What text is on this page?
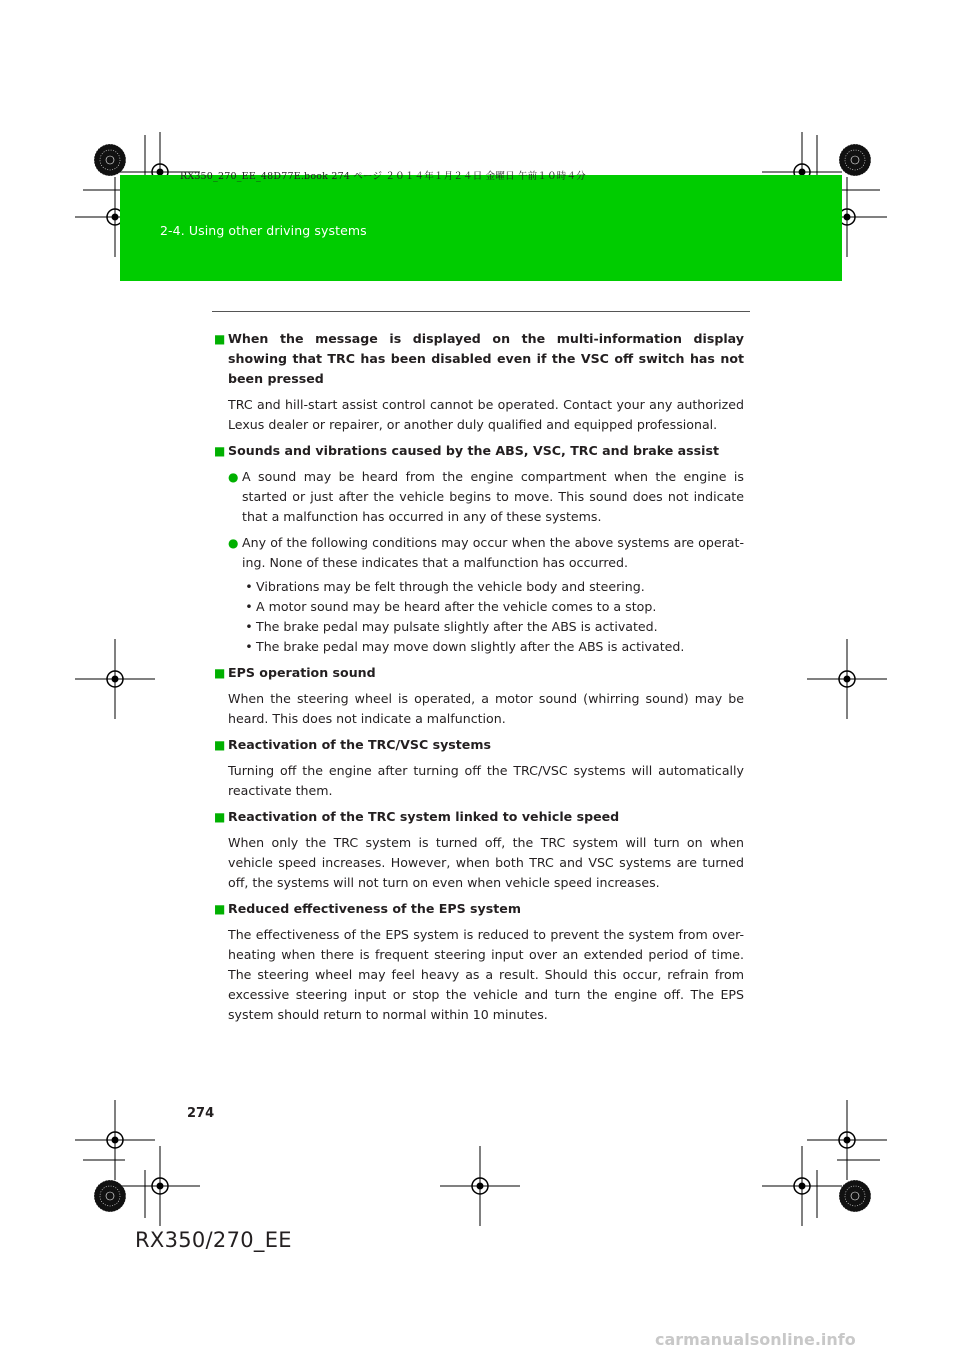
2-4. Using other driving systems
RX350_270_EE_48D77E.book 274 ページ ２０１４年１月２４日 金曜日 午前１０時４分
■ When the message is displayed on the multi-information display showing that TRC has been disabled even if the VSC off switch has not been pressed
TRC and hill-start assist control cannot be operated. Contact your any authorized Lexus dealer or repairer, or another duly qualified and equipped professional.
■ Sounds and vibrations caused by the ABS, VSC, TRC and brake assist
● A sound may be heard from the engine compartment when the engine is started or just after the vehicle begins to move. This sound does not indicate that a malfunction has occurred in any of these systems.
● Any of the following conditions may occur when the above systems are operat-ing. None of these indicates that a malfunction has occurred.
• Vibrations may be felt through the vehicle body and steering.
• A motor sound may be heard after the vehicle comes to a stop.
• The brake pedal may pulsate slightly after the ABS is activated.
• The brake pedal may move down slightly after the ABS is activated.
■ EPS operation sound
When the steering wheel is operated, a motor sound (whirring sound) may be heard. This does not indicate a malfunction.
■ Reactivation of the TRC/VSC systems
Turning off the engine after turning off the TRC/VSC systems will automatically reactivate them.
■ Reactivation of the TRC system linked to vehicle speed
When only the TRC system is turned off, the TRC system will turn on when vehicle speed increases. However, when both TRC and VSC systems are turned off, the systems will not turn on even when vehicle speed increases.
■ Reduced effectiveness of the EPS system
The effectiveness of the EPS system is reduced to prevent the system from over-heating when there is frequent steering input over an extended period of time. The steering wheel may feel heavy as a result. Should this occur, refrain from excessive steering input or stop the vehicle and turn the engine off. The EPS system should return to normal within 10 minutes.
274
RX350/270_EE
carmanualsonline.info
